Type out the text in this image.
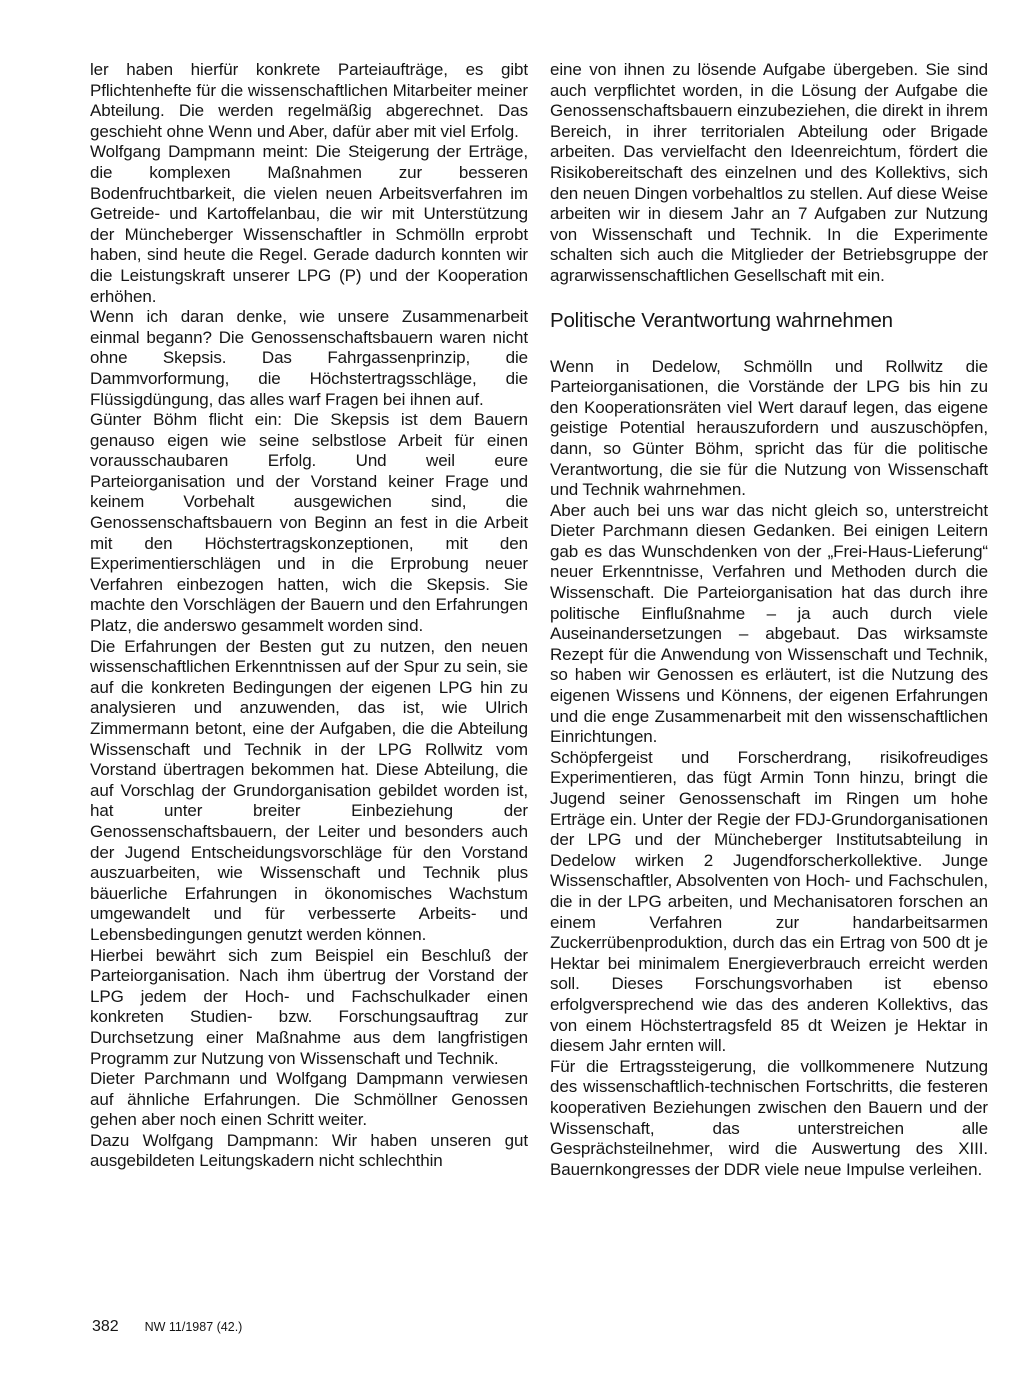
ler haben hierfür konkrete Parteiaufträge, es gibt Pflichtenhefte für die wissenschaftlichen Mitarbeiter meiner Abteilung. Die werden regelmäßig abgerechnet. Das geschieht ohne Wenn und Aber, dafür aber mit viel Erfolg.

Wolfgang Dampmann meint: Die Steigerung der Erträge, die komplexen Maßnahmen zur besseren Bodenfruchtbarkeit, die vielen neuen Arbeitsverfahren im Getreide- und Kartoffelanbau, die wir mit Unterstützung der Müncheberger Wissenschaftler in Schmölln erprobt haben, sind heute die Regel. Gerade dadurch konnten wir die Leistungskraft unserer LPG (P) und der Kooperation erhöhen.

Wenn ich daran denke, wie unsere Zusammenarbeit einmal begann? Die Genossenschaftsbauern waren nicht ohne Skepsis. Das Fahrgassenprinzip, die Dammvorformung, die Höchstertragsschläge, die Flüssigdüngung, das alles warf Fragen bei ihnen auf.

Günter Böhm flicht ein: Die Skepsis ist dem Bauern genauso eigen wie seine selbstlose Arbeit für einen vorausschaubaren Erfolg. Und weil eure Parteiorganisation und der Vorstand keiner Frage und keinem Vorbehalt ausgewichen sind, die Genossenschaftsbauern von Beginn an fest in die Arbeit mit den Höchstertragskonzeptionen, mit den Experimentierschlägen und in die Erprobung neuer Verfahren einbezogen hatten, wich die Skepsis. Sie machte den Vorschlägen der Bauern und den Erfahrungen Platz, die anderswo gesammelt worden sind.

Die Erfahrungen der Besten gut zu nutzen, den neuen wissenschaftlichen Erkenntnissen auf der Spur zu sein, sie auf die konkreten Bedingungen der eigenen LPG hin zu analysieren und anzuwenden, das ist, wie Ulrich Zimmermann betont, eine der Aufgaben, die die Abteilung Wissenschaft und Technik in der LPG Rollwitz vom Vorstand übertragen bekommen hat. Diese Abteilung, die auf Vorschlag der Grundorganisation gebildet worden ist, hat unter breiter Einbeziehung der Genossenschaftsbauern, der Leiter und besonders auch der Jugend Entscheidungsvorschläge für den Vorstand auszuarbeiten, wie Wissenschaft und Technik plus bäuerliche Erfahrungen in ökonomisches Wachstum umgewandelt und für verbesserte Arbeits- und Lebensbedingungen genutzt werden können.

Hierbei bewährt sich zum Beispiel ein Beschluß der Parteiorganisation. Nach ihm übertrug der Vorstand der LPG jedem der Hoch- und Fachschulkader einen konkreten Studien- bzw. Forschungsauftrag zur Durchsetzung einer Maßnahme aus dem langfristigen Programm zur Nutzung von Wissenschaft und Technik.

Dieter Parchmann und Wolfgang Dampmann verwiesen auf ähnliche Erfahrungen. Die Schmöllner Genossen gehen aber noch einen Schritt weiter.

Dazu Wolfgang Dampmann: Wir haben unseren gut ausgebildeten Leitungskadern nicht schlechthin

eine von ihnen zu lösende Aufgabe übergeben. Sie sind auch verpflichtet worden, in die Lösung der Aufgabe die Genossenschaftsbauern einzubeziehen, die direkt in ihrem Bereich, in ihrer territorialen Abteilung oder Brigade arbeiten. Das vervielfacht den Ideenreichtum, fördert die Risikobereitschaft des einzelnen und des Kollektivs, sich den neuen Dingen vorbehaltlos zu stellen. Auf diese Weise arbeiten wir in diesem Jahr an 7 Aufgaben zur Nutzung von Wissenschaft und Technik. In die Experimente schalten sich auch die Mitglieder der Betriebsgruppe der agrarwissenschaftlichen Gesellschaft mit ein.

Politische Verantwortung wahrnehmen

Wenn in Dedelow, Schmölln und Rollwitz die Parteiorganisationen, die Vorstände der LPG bis hin zu den Kooperationsräten viel Wert darauf legen, das eigene geistige Potential herauszufordern und auszuschöpfen, dann, so Günter Böhm, spricht das für die politische Verantwortung, die sie für die Nutzung von Wissenschaft und Technik wahrnehmen.

Aber auch bei uns war das nicht gleich so, unterstreicht Dieter Parchmann diesen Gedanken. Bei einigen Leitern gab es das Wunschdenken von der „Frei-Haus-Lieferung“ neuer Erkenntnisse, Verfahren und Methoden durch die Wissenschaft. Die Parteiorganisation hat das durch ihre politische Einflußnahme – ja auch durch viele Auseinandersetzungen – abgebaut. Das wirksamste Rezept für die Anwendung von Wissenschaft und Technik, so haben wir Genossen es erläutert, ist die Nutzung des eigenen Wissens und Könnens, der eigenen Erfahrungen und die enge Zusammenarbeit mit den wissenschaftlichen Einrichtungen.

Schöpfergeist und Forscherdrang, risikofreudiges Experimentieren, das fügt Armin Tonn hinzu, bringt die Jugend seiner Genossenschaft im Ringen um hohe Erträge ein. Unter der Regie der FDJ-Grundorganisationen der LPG und der Müncheberger Institutsabteilung in Dedelow wirken 2 Jugendforscherkollektive. Junge Wissenschaftler, Absolventen von Hoch- und Fachschulen, die in der LPG arbeiten, und Mechanisatoren forschen an einem Verfahren zur handarbeitsarmen Zuckerrübenproduktion, durch das ein Ertrag von 500 dt je Hektar bei minimalem Energieverbrauch erreicht werden soll. Dieses Forschungsvorhaben ist ebenso erfolgversprechend wie das des anderen Kollektivs, das von einem Höchstertragsfeld 85 dt Weizen je Hektar in diesem Jahr ernten will.

Für die Ertragssteigerung, die vollkommenere Nutzung des wissenschaftlich-technischen Fortschritts, die festeren kooperativen Beziehungen zwischen den Bauern und der Wissenschaft, das unterstreichen alle Gesprächsteilnehmer, wird die Auswertung des XIII. Bauernkongresses der DDR viele neue Impulse verleihen.

382 NW 11/1987 (42.)
